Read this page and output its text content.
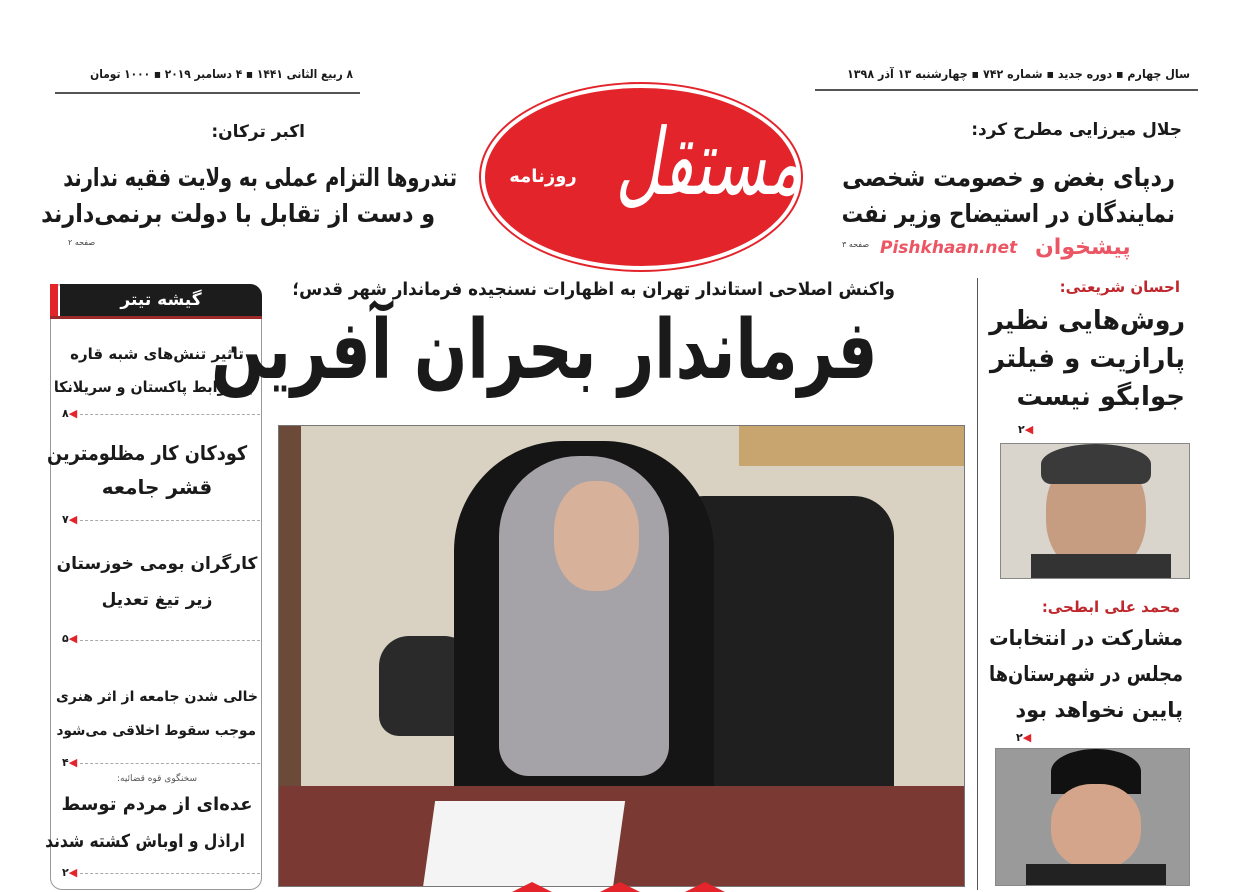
۸ ربیع الثانی ۱۴۴۱ ▪ ۴ دسامبر ۲۰۱۹ ▪ ۱۰۰۰ تومان	سال چهارم ▪ دوره جدید ▪ شماره ۷۴۲ ▪ چهارشنبه ۱۳ آذر ۱۳۹۸
مستقل
روزنامه
اکبر ترکان:
تندروها التزام عملی به ولایت فقیه ندارند
و دست از تقابل با دولت برنمی‌دارند
صفحه ۲
جلال میرزایی مطرح کرد:
ردپای بغض و خصومت شخصی
نمایندگان در استیضاح وزیر نفت
صفحه ۳ Pishkhaan.net پیشخوان
گیشه تیتر
تاثیر تنش‌های شبه قاره
بر روابط پاکستان و سریلانکا
۸◀
کودکان کار مظلومترین
قشر جامعه
۷◀
کارگران بومی خوزستان
زیر تیغ تعدیل
۵◀
خالی شدن جامعه از اثر هنری
موجب سقوط اخلاقی می‌شود
۴◀
سخنگوی قوه قضائیه:
عده‌ای از مردم توسط
اراذل و اوباش کشته شدند
۲◀
واکنش اصلاحی استاندار تهران به اظهارات نسنجیده فرماندار شهر قدس؛
فرماندار بحران آفرین
احسان شریعتی:
روش‌هایی نظیر
پارازیت و فیلتر
جوابگو نیست
۲◀
محمد علی ابطحی:
مشارکت در انتخابات
مجلس در شهرستان‌ها
پایین نخواهد بود
۲◀
